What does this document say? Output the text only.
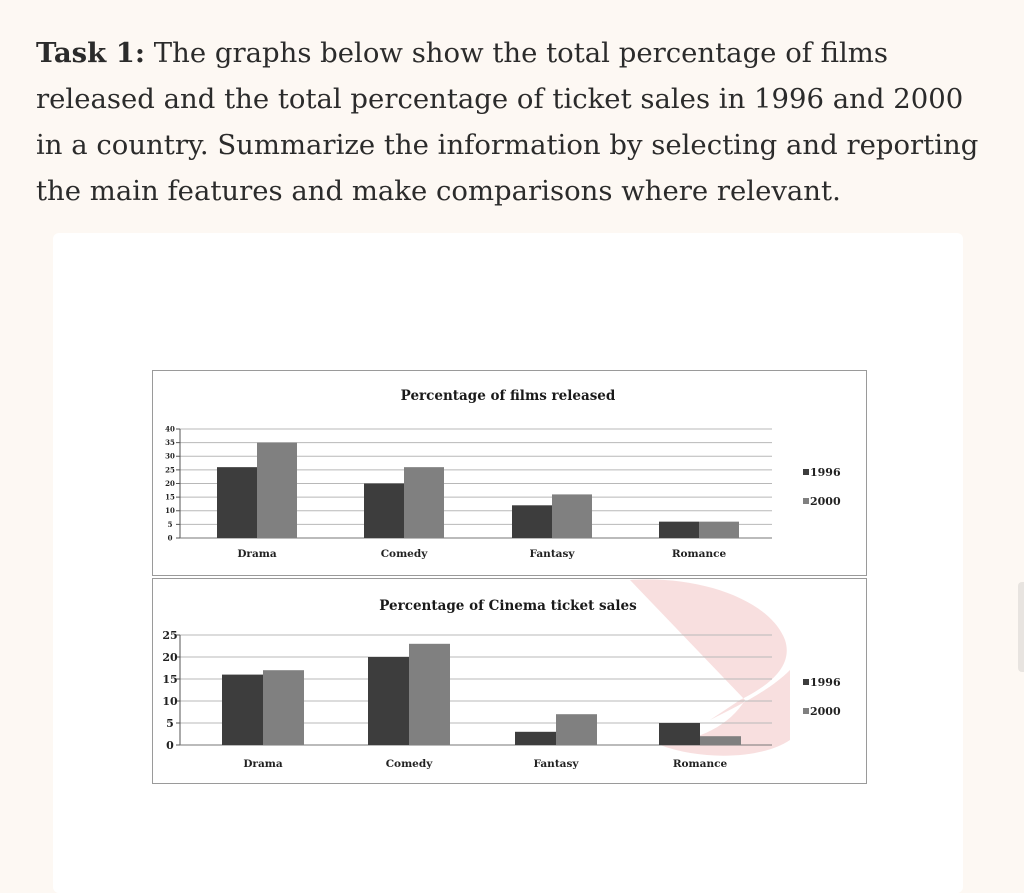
Task 1: The graphs below show the total percentage of films released and the total percentage of ticket sales in 1996 and 2000 in a country. Summarize the information by selecting and reporting the main features and make comparisons where relevant.

Percentage of films released
0
5
10
15
20
25
30
35
40
Drama	Comedy	Fantasy	Romance
1996
2000
Percentage of Cinema ticket sales
0
5
10
15
20
25
Drama	Comedy	Fantasy	Romance
1996
2000
